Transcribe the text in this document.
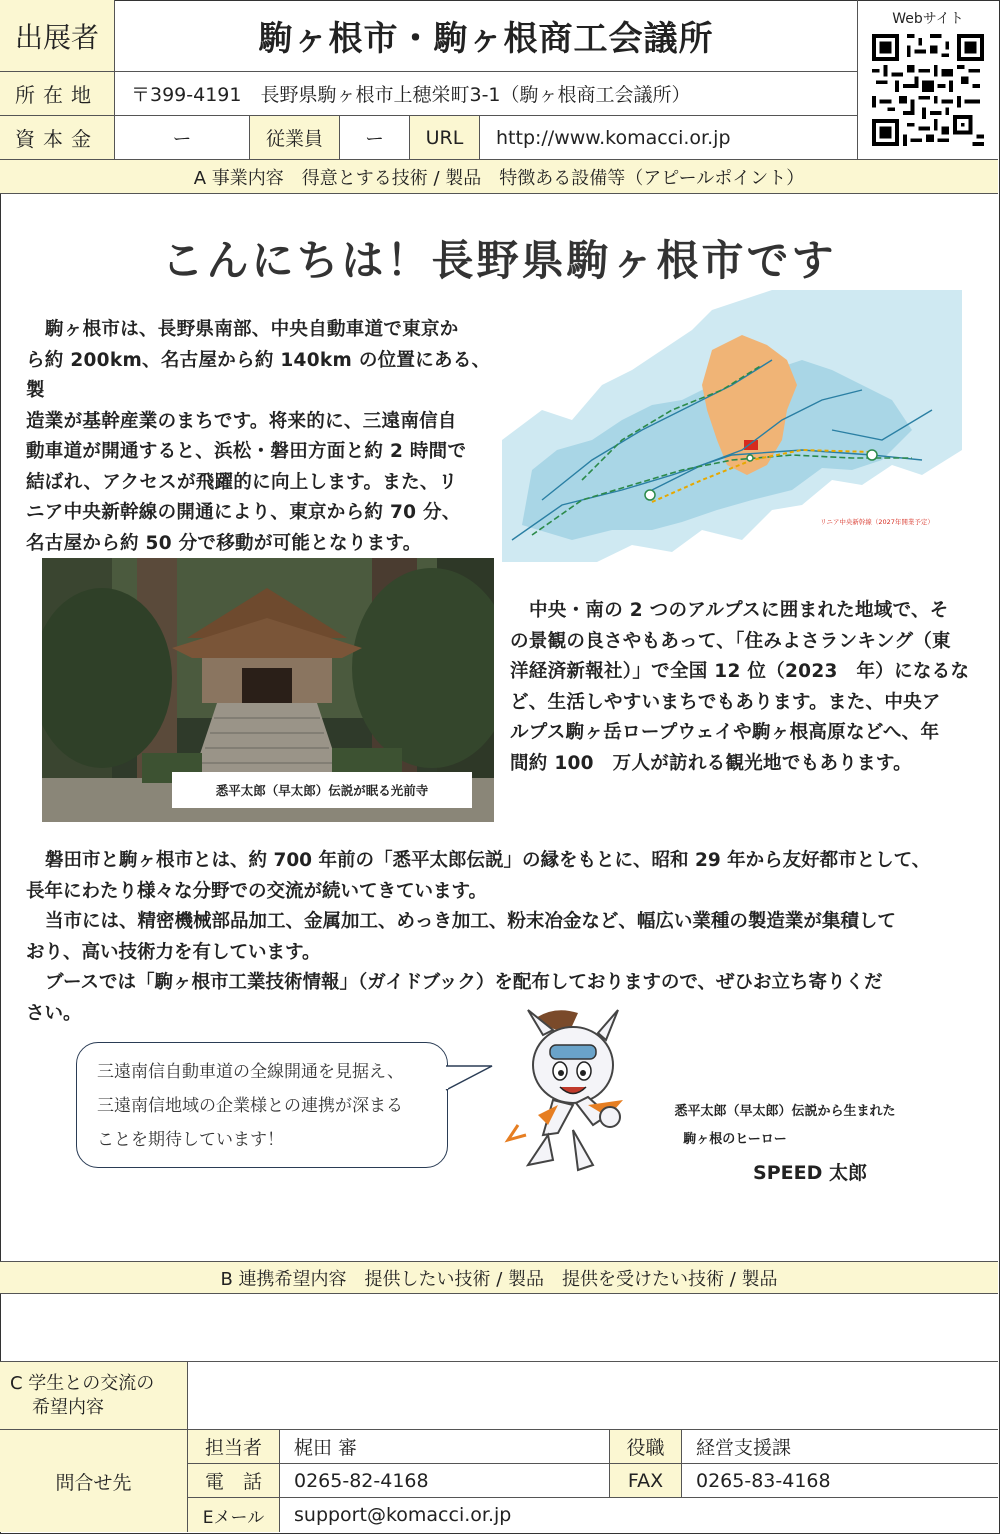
出展者	駒ヶ根市・駒ヶ根商工会議所
所在地	〒399-4191　長野県駒ヶ根市上穂栄町3-1（駒ヶ根商工会議所）
資本金	ー	従業員	ー	URL	http://www.komacci.or.jp
Webサイト
A 事業内容　得意とする技術 / 製品　特徴ある設備等（アピールポイント）
こんにちは！長野県駒ヶ根市です
駒ヶ根市は、長野県南部、中央自動車道で東京か
ら約 200km、名古屋から約 140km の位置にある、製
造業が基幹産業のまちです。将来的に、三遠南信自
動車道が開通すると、浜松・磐田方面と約 2 時間で
結ばれ、アクセスが飛躍的に向上します。また、リ
ニア中央新幹線の開通により、東京から約 70 分、
名古屋から約 50 分で移動が可能となります。
リニア中央新幹線（2027年開業予定）
悉平太郎（早太郎）伝説が眠る光前寺
中央・南の 2 つのアルプスに囲まれた地域で、そ
の景観の良さやもあって、「住みよさランキング（東
洋経済新報社）」で全国 12 位（2023　年）になるな
ど、生活しやすいまちでもあります。また、中央ア
ルプス駒ヶ岳ロープウェイや駒ヶ根高原などへ、年
間約 100　万人が訪れる観光地でもあります。
磐田市と駒ヶ根市とは、約 700 年前の「悉平太郎伝説」の縁をもとに、昭和 29 年から友好都市として、
長年にわたり様々な分野での交流が続いてきています。
当市には、精密機械部品加工、金属加工、めっき加工、粉末冶金など、幅広い業種の製造業が集積して
おり、高い技術力を有しています。
ブースでは「駒ヶ根市工業技術情報」（ガイドブック）を配布しておりますので、ぜひお立ち寄りくだ
さい。
三遠南信自動車道の全線開通を見据え、
三遠南信地域の企業様との連携が深まる
ことを期待しています！
悉平太郎（早太郎）伝説から生まれた
駒ヶ根のヒーロー
SPEED 太郎
B 連携希望内容　提供したい技術 / 製品　提供を受けたい技術 / 製品
C 学生との交流の
希望内容
問合せ先
担当者	梶田 審	役職	経営支援課
電　話	0265-82-4168	FAX	0265-83-4168
Eメール	support@komacci.or.jp
